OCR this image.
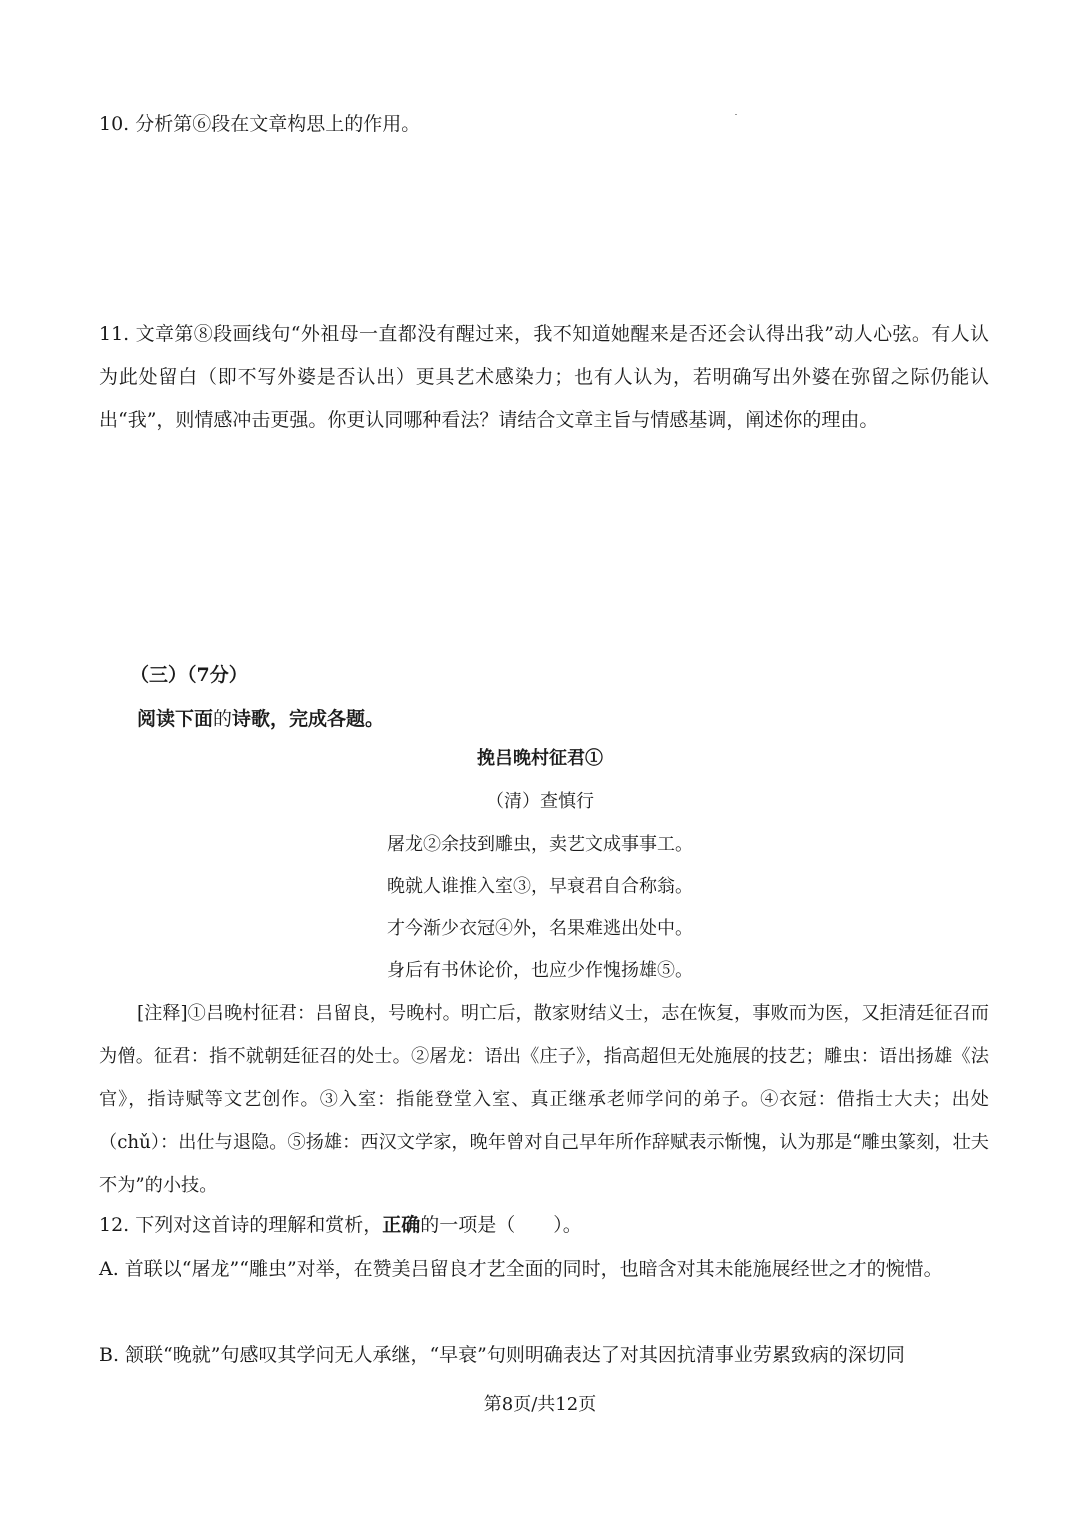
10. 分析第⑥段在文章构思上的作用。
11. 文章第⑧段画线句“外祖母一直都没有醒过来，我不知道她醒来是否还会认得出我”动人心弦。有人认为此处留白（即不写外婆是否认出）更具艺术感染力；也有人认为，若明确写出外婆在弥留之际仍能认出“我”，则情感冲击更强。你更认同哪种看法？请结合文章主旨与情感基调，阐述你的理由。
（三）（7分）
阅读下面的诗歌，完成各题。
挽吕晚村征君①
（清）查慎行
屠龙②余技到雕虫，卖艺文成事事工。
晚就人谁推入室③，早衰君自合称翁。
才今渐少衣冠④外，名果难逃出处中。
身后有书休论价，也应少作愧扬雄⑤。
[注释]①吕晚村征君：吕留良，号晚村。明亡后，散家财结义士，志在恢复，事败而为医，又拒清廷征召而为僧。征君：指不就朝廷征召的处士。②屠龙：语出《庄子》，指高超但无处施展的技艺；雕虫：语出扬雄《法官》，指诗赋等文艺创作。③入室：指能登堂入室、真正继承老师学问的弟子。④衣冠：借指士大夫；出处（chǔ）：出仕与退隐。⑤扬雄：西汉文学家，晚年曾对自己早年所作辞赋表示惭愧，认为那是“雕虫篆刻，壮夫不为”的小技。
12. 下列对这首诗的理解和赏析，正确的一项是（　　）。
A. 首联以“屠龙”“雕虫”对举，在赞美吕留良才艺全面的同时，也暗含对其未能施展经世之才的惋惜。
B. 颔联“晚就”句感叹其学问无人承继，“早衰”句则明确表达了对其因抗清事业劳累致病的深切同
第8页/共12页
